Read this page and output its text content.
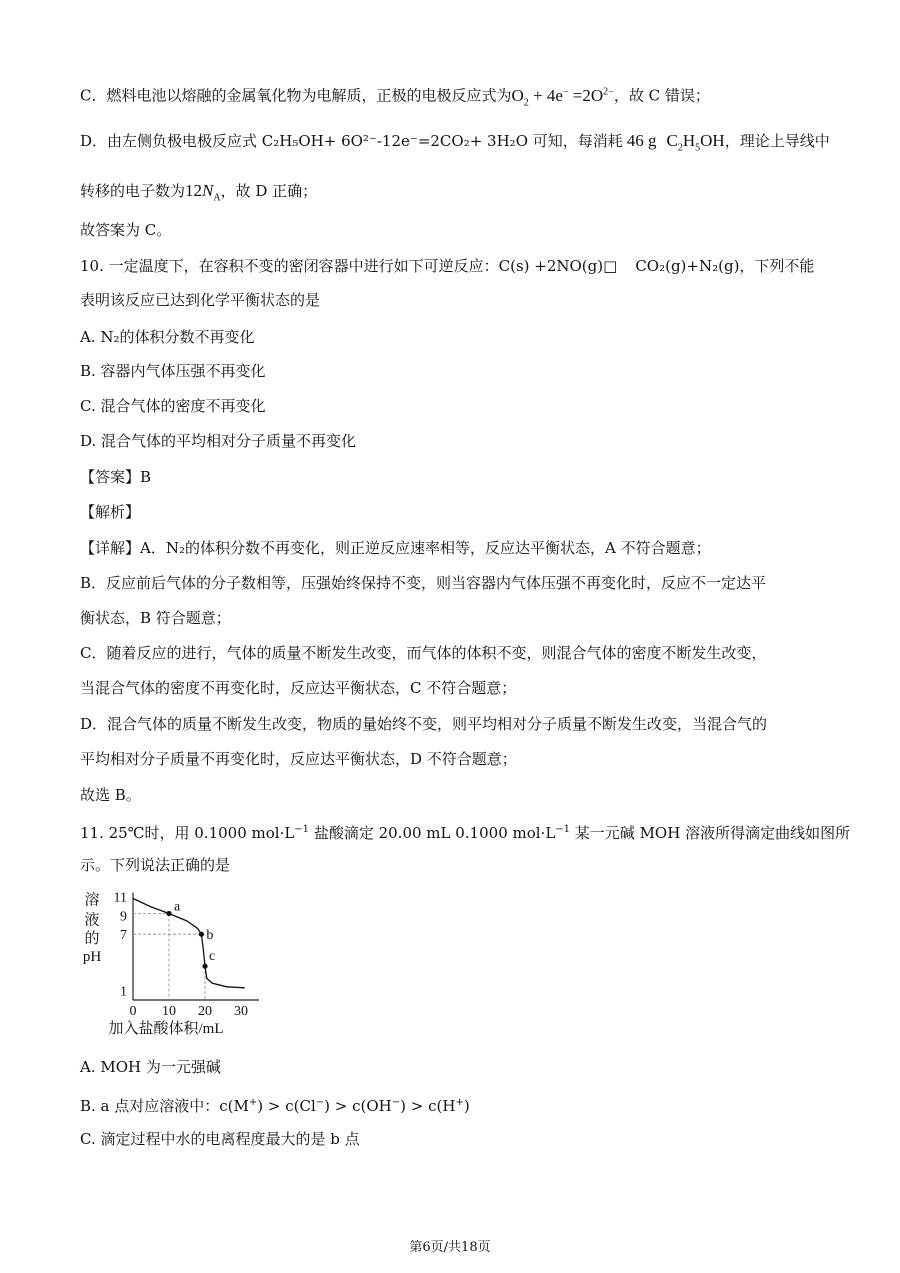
C．燃料电池以熔融的金属氧化物为电解质，正极的电极反应式为$O_2 + 4e^- =2O^{2-}$，故 C 错误；
D．由左侧负极电极反应式 C₂H₅OH+ 6O²⁻-12e⁻=2CO₂+ 3H₂O 可知，每消耗 46 g $C_2H_5OH$，理论上导线中
转移的电子数为$12N_A$，故 D 正确；
故答案为 C。
10. 一定温度下，在容积不变的密闭容器中进行如下可逆反应：C(s) +2NO(g)□ CO₂(g)+N₂(g)，下列不能
表明该反应已达到化学平衡状态的是
A. N₂的体积分数不再变化
B. 容器内气体压强不再变化
C. 混合气体的密度不再变化
D. 混合气体的平均相对分子质量不再变化
【答案】B
【解析】
【详解】A．N₂的体积分数不再变化，则正逆反应速率相等，反应达平衡状态，A 不符合题意；
B．反应前后气体的分子数相等，压强始终保持不变，则当容器内气体压强不再变化时，反应不一定达平
衡状态，B 符合题意；
C．随着反应的进行，气体的质量不断发生改变，而气体的体积不变，则混合气体的密度不断发生改变，
当混合气体的密度不再变化时，反应达平衡状态，C 不符合题意；
D．混合气体的质量不断发生改变，物质的量始终不变，则平均相对分子质量不断发生改变，当混合气的
平均相对分子质量不再变化时，反应达平衡状态，D 不符合题意；
故选 B。
11. 25℃时，用 0.1000 $mol\cdot L^{-1}$ 盐酸滴定 20.00 mL 0.1000 $mol\cdot L^{-1}$ 某一元碱 MOH 溶液所得滴定曲线如图所
示。下列说法正确的是
1
7
9
11
0 10 20 30
溶
液
的
pH
加入盐酸体积/mL
a
b
c
A. MOH 为一元强碱
B. a 点对应溶液中：c(M+) > c(Cl−) > c(OH−) > c(H+)
C. 滴定过程中水的电离程度最大的是 b 点
第6页/共18页
